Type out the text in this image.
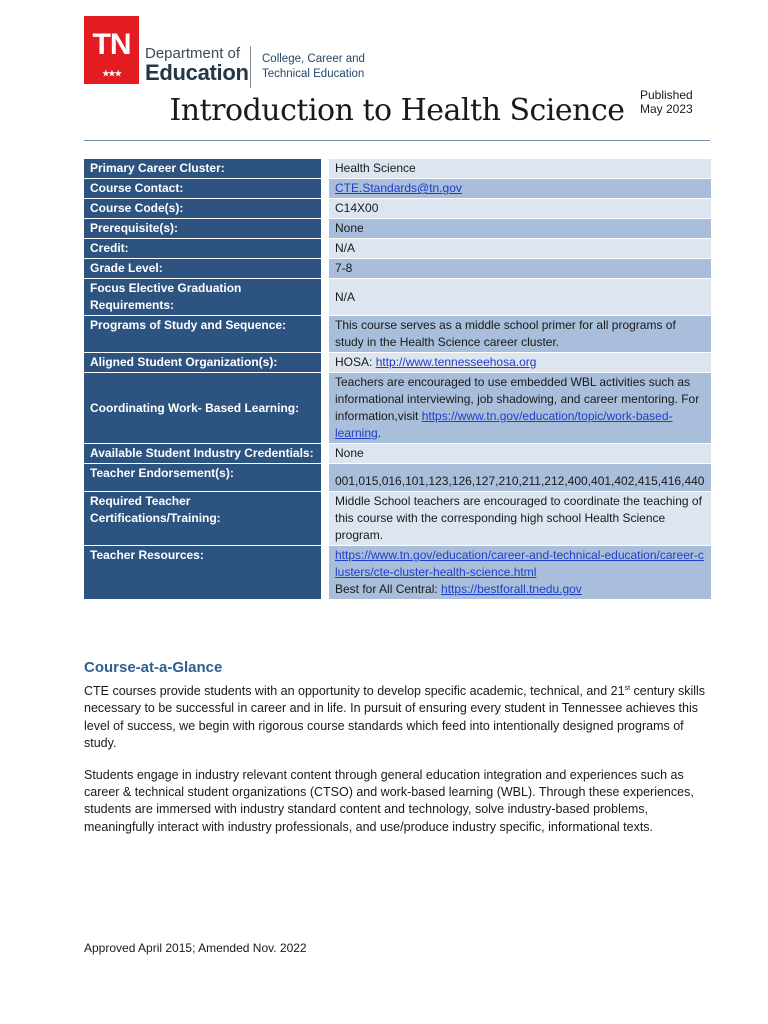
TN
★★★
Department of
Education
College, Career and
Technical Education
Published May 2023
Introduction to Health Science
Primary Career Cluster:	Health Science
Course Contact:	CTE.Standards@tn.gov
Course Code(s):	C14X00
Prerequisite(s):	None
Credit:	N/A
Grade Level:	7-8
Focus Elective Graduation Requirements:	N/A
Programs of Study and Sequence:	This course serves as a middle school primer for all programs of study in the Health Science career cluster.
Aligned Student Organization(s):	HOSA: http://www.tennesseehosa.org
Coordinating Work- Based Learning:	Teachers are encouraged to use embedded WBL activities such as informational interviewing, job shadowing, and career mentoring. For information,visit https://www.tn.gov/education/topic/work-based- learning.
Available Student Industry Credentials:	None
Teacher Endorsement(s):	001,015,016,101,123,126,127,210,211,212,400,401,402,415,416,440
Required Teacher Certifications/Training:	Middle School teachers are encouraged to coordinate the teaching of this course with the corresponding high school Health Science program.
Teacher Resources:	https://www.tn.gov/education/career-and-technical-education/career-clusters/cte-cluster-health-science.html
Best for All Central: https://bestforall.tnedu.gov
Course-at-a-Glance
CTE courses provide students with an opportunity to develop specific academic, technical, and 21st century skills necessary to be successful in career and in life. In pursuit of ensuring every student in Tennessee achieves this level of success, we begin with rigorous course standards which feed into intentionally designed programs of study.
Students engage in industry relevant content through general education integration and experiences such as career & technical student organizations (CTSO) and work-based learning (WBL). Through these experiences, students are immersed with industry standard content and technology, solve industry-based problems, meaningfully interact with industry professionals, and use/produce industry specific, informational texts.
Approved April 2015; Amended Nov. 2022
